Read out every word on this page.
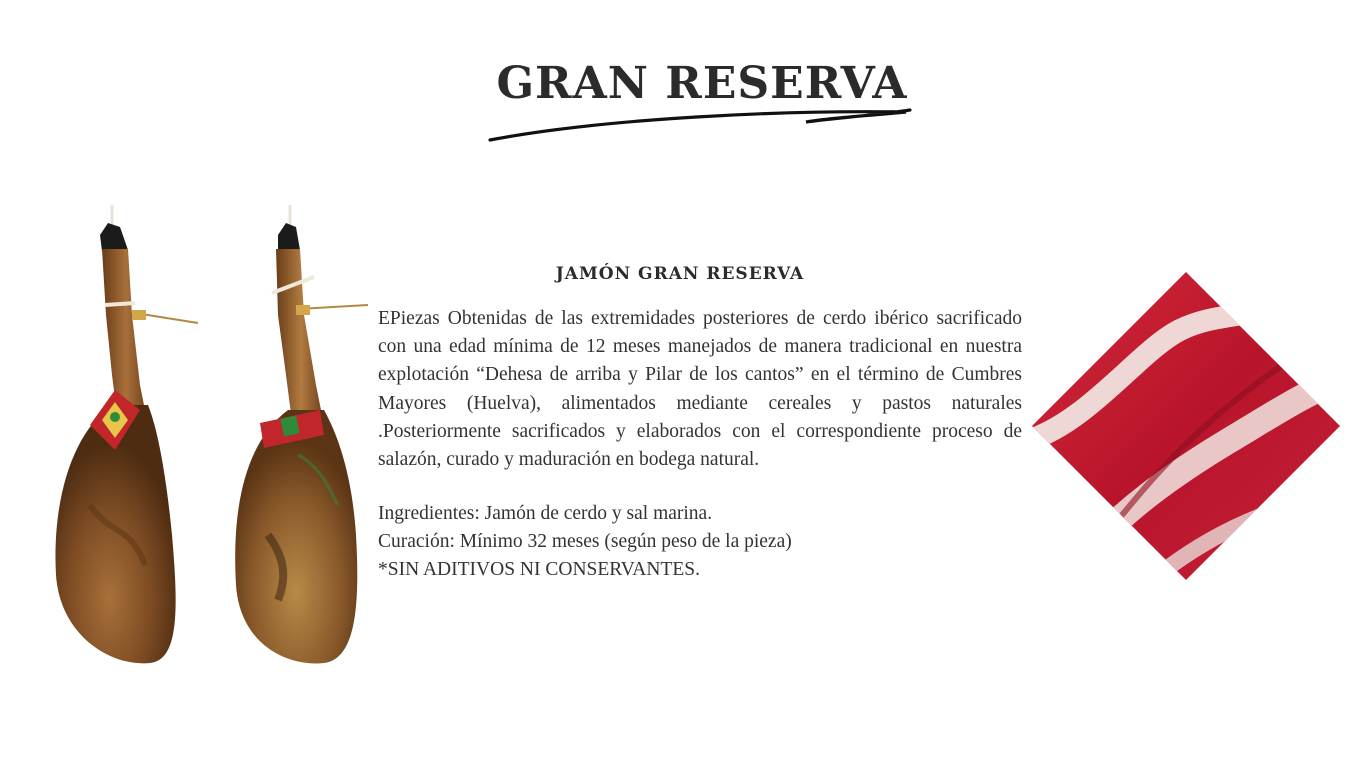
GRAN RESERVA
JAMÓN GRAN RESERVA

EPiezas Obtenidas de las extremidades posteriores de cerdo ibérico sacrificado con una edad mínima de 12 meses manejados de manera tradicional en nuestra explotación “Dehesa de arriba y Pilar de los cantos” en el término de Cumbres Mayores (Huelva), alimentados mediante cereales y pastos naturales .Posteriormente sacrificados y elaborados con el correspondiente proceso de salazón, curado y maduración en bodega natural.

Ingredientes: Jamón de cerdo y sal marina.

Curación: Mínimo 32 meses (según peso de la pieza)

*SIN ADITIVOS NI CONSERVANTES.
